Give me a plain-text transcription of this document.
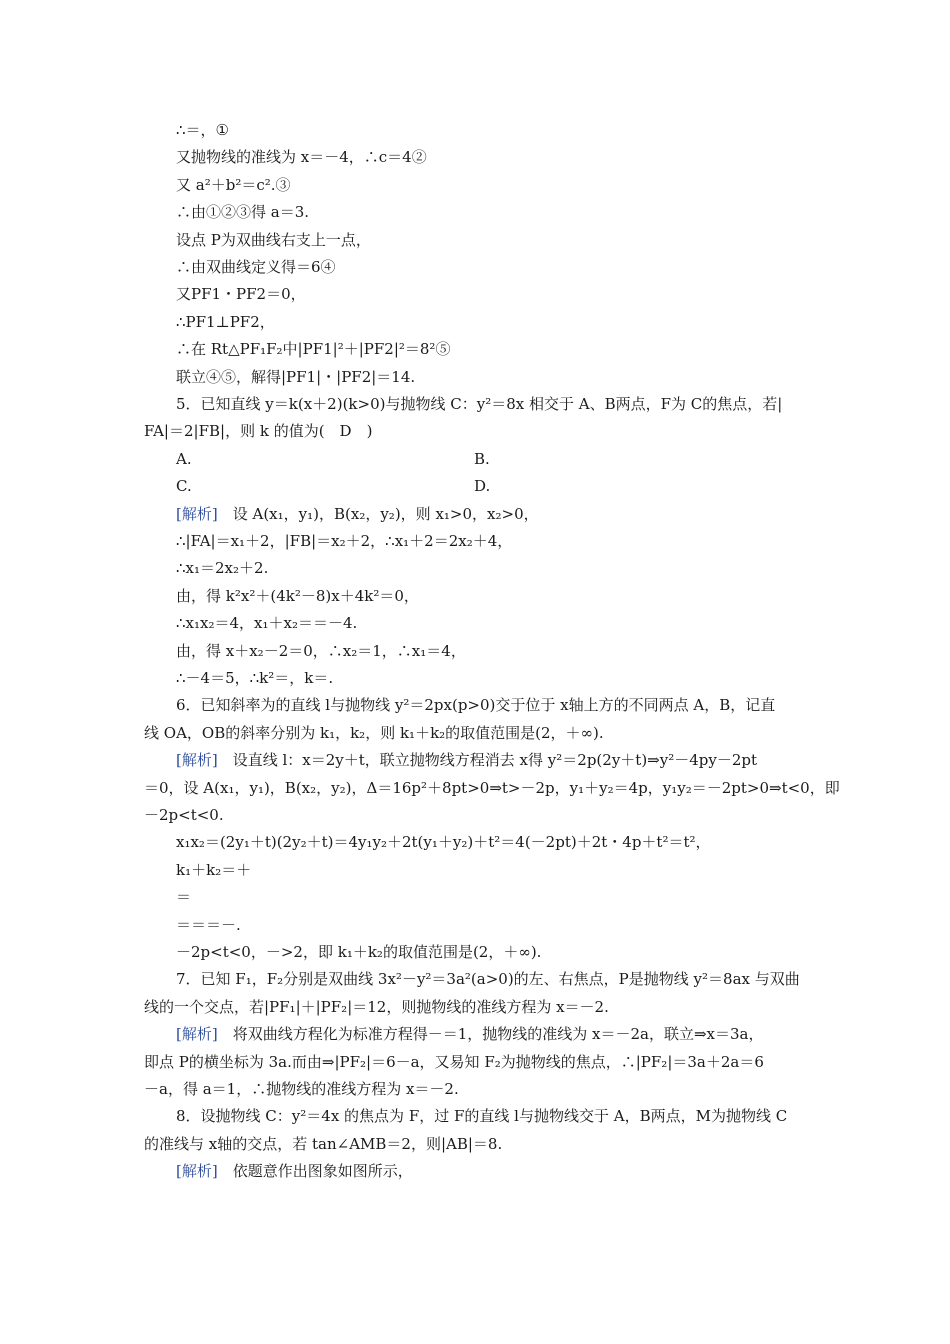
∴＝，①
又抛物线的准线为 x＝－4，∴c＝4②
又 a²＋b²＝c².③
∴由①②③得 a＝3.
设点 P为双曲线右支上一点，
∴由双曲线定义得＝6④
又PF1・PF2＝0，
∴PF1⊥PF2，
∴在 Rt△PF₁F₂中|PF1|²＋|PF2|²＝8²⑤
联立④⑤，解得|PF1|・|PF2|＝14.
5．已知直线 y＝k(x＋2)(k>0)与抛物线 C：y²＝8x 相交于 A、B两点，F为 C的焦点，若|
FA|＝2|FB|，则 k 的值为(　D　)
A.	B.
C.	D.
[解析]　设 A(x₁，y₁)，B(x₂，y₂)，则 x₁>0，x₂>0，
∴|FA|＝x₁＋2，|FB|＝x₂＋2，∴x₁＋2＝2x₂＋4，
∴x₁＝2x₂＋2.
由，得 k²x²＋(4k²－8)x＋4k²＝0，
∴x₁x₂＝4，x₁＋x₂＝＝－4.
由，得 x＋x₂－2＝0，∴x₂＝1，∴x₁＝4，
∴－4＝5，∴k²＝，k＝.
6．已知斜率为的直线 l与抛物线 y²＝2px(p>0)交于位于 x轴上方的不同两点 A，B，记直
线 OA，OB的斜率分别为 k₁，k₂，则 k₁＋k₂的取值范围是(2，＋∞).
[解析]　设直线 l：x＝2y＋t，联立抛物线方程消去 x得 y²＝2p(2y＋t)⇒y²－4py－2pt
＝0，设 A(x₁，y₁)，B(x₂，y₂)，Δ＝16p²＋8pt>0⇒t>－2p，y₁＋y₂＝4p，y₁y₂＝－2pt>0⇒t<0，即
－2p<t<0.
x₁x₂＝(2y₁＋t)(2y₂＋t)＝4y₁y₂＋2t(y₁＋y₂)＋t²＝4(－2pt)＋2t・4p＋t²＝t²，
k₁＋k₂＝＋
＝
＝＝＝－.
－2p<t<0，－>2，即 k₁＋k₂的取值范围是(2，＋∞).
7．已知 F₁，F₂分别是双曲线 3x²－y²＝3a²(a>0)的左、右焦点，P是抛物线 y²＝8ax 与双曲
线的一个交点，若|PF₁|＋|PF₂|＝12，则抛物线的准线方程为 x＝－2.
[解析]　将双曲线方程化为标准方程得－＝1，抛物线的准线为 x＝－2a，联立⇒x＝3a，
即点 P的横坐标为 3a.而由⇒|PF₂|＝6－a，又易知 F₂为抛物线的焦点，∴|PF₂|＝3a＋2a＝6
－a，得 a＝1，∴抛物线的准线方程为 x＝－2.
8．设抛物线 C：y²＝4x 的焦点为 F，过 F的直线 l与抛物线交于 A，B两点，M为抛物线 C
的准线与 x轴的交点，若 tan∠AMB＝2，则|AB|＝8.
[解析]　依题意作出图象如图所示，
